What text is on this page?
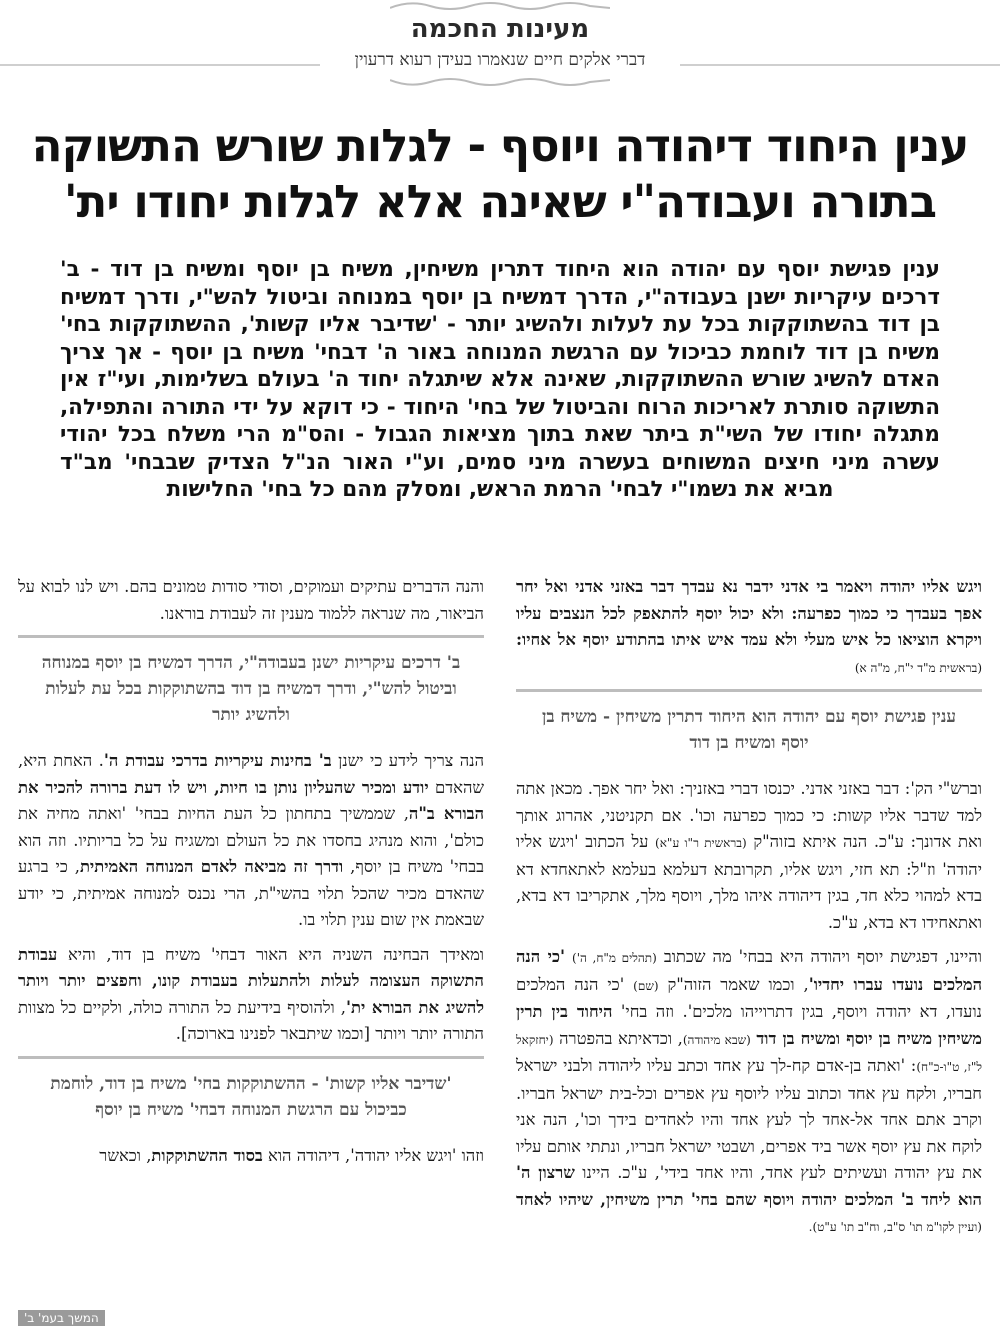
מעינות החכמה
דברי אלקים חיים שנאמרו בעידן רעוא דרעוין
ענין היחוד דיהודה ויוסף - לגלות שורש התשוקה
בתורה ועבודה"י שאינה אלא לגלות יחודו ית'
ענין פגישת יוסף עם יהודה הוא היחוד דתרין משיחין, משיח בן יוסף ומשיח בן דוד - ב' דרכים עיקריות ישנן בעבודה"י, הדרך דמשיח בן יוסף במנוחה וביטול להש"י, ודרך דמשיח בן דוד בהשתוקקות בכל עת לעלות ולהשיג יותר - 'שדיבר אליו קשות', ההשתוקקות בחי' משיח בן דוד לוחמת כביכול עם הרגשת המנוחה באור ה' דבחי' משיח בן יוסף - אך צריך האדם להשיג שורש ההשתוקקות, שאינה אלא שיתגלה יחוד ה' בעולם בשלימות, ועי"ז אין התשוקה סותרת לאריכות הרוח והביטול של בחי' היחוד - כי דוקא על ידי התורה והתפילה, מתגלה יחודו של השי"ת ביתר שאת בתוך מציאות הגבול - והס"מ הרי משלח בכל יהודי עשרה מיני חיצים המשוחים בעשרה מיני סמים, וע"י האור הנ"ל הצדיק שבבחי' מב"ד מביא את נשמו"י לבחי' הרמת הראש, ומסלק מהם כל בחי' החלישות

ויגש אליו יהודה ויאמר בי אדני ידבר נא עבדך דבר באזני אדני ואל יחר אפך בעבדך כי כמוך כפרעה: ולא יכול יוסף להתאפק לכל הנצבים עליו ויקרא הוציאו כל איש מעלי ולא עמד איש איתו בהתודע יוסף אל אחיו: (בראשית מ"ד י"ח, מ"ה א)

ענין פגישת יוסף עם יהודה הוא היחוד דתרין משיחין - משיח בן יוסף ומשיח בן דוד

וברש"י הק': דבר באזני אדני. יכנסו דברי באזניך: ואל יחר אפך. מכאן אתה למד שדבר אליו קשות: כי כמוך כפרעה וכו'. אם תקניטני, אהרוג אותך ואת אדונך: ע"כ. הנה איתא בזוה"ק (בראשית ר"ו ע"א) על הכתוב 'ויגש אליו יהודה' וז"ל: תא חזי, ויגש אליו, תקרובתא דעלמא בעלמא לאתאחדא דא בדא למהוי כלא חד, בגין דיהודה איהו מלך, ויוסף מלך, אתקריבו דא בדא, ואתאחידו דא בדא, ע"כ.

והיינו, דפגישת יוסף ויהודה היא בבחי' מה שכתוב (תהלים מ"ח, ה') 'כי הנה המלכים נועדו עברו יחדיו', וכמו שאמר הזוה"ק (שם) 'כי הנה המלכים נועדו, דא יהודה ויוסף, בגין דתרוייהו מלכים'. וזה בחי' היחוד בין תרין משיחין משיח בן יוסף ומשיח בן דוד (שבא מיהודה), וכדאיתא בהפטרה (יחזקאל ל"ז, ט"ו-כ"ח): 'ואתה בן-אדם קח-לך עץ אחד וכתב עליו ליהודה ולבני ישראל חבריו, ולקח עץ אחד וכתוב עליו ליוסף עץ אפרים וכל-בית ישראל חבריו. וקרב אתם אחד אל-אחד לך לעץ אחד והיו לאחדים בידך וכו', הנה אני לוקח את עץ יוסף אשר ביד אפרים, ושבטי ישראל חבריו, ונתתי אותם עליו את עץ יהודה ועשיתים לעץ אחד, והיו אחד בידי', ע"כ. היינו שרצון ה' הוא ליחד ב' המלכים יהודה ויוסף שהם בחי' תרין משיחין, שיהיו לאחד (ועיין לקו"מ תו' ס"ב, וח"ב תו' ע"ט).

והנה הדברים עתיקים ועמוקים, וסודי סודות טמונים בהם. ויש לנו לבוא על הביאור, מה שנראה ללמוד מענין זה לעבודת בוראנו.

ב' דרכים עיקריות ישנן בעבודה"י, הדרך דמשיח בן יוסף במנוחה וביטול להש"י, ודרך דמשיח בן דוד בהשתוקקות בכל עת לעלות ולהשיג יותר

הנה צריך לידע כי ישנן ב' בחינות עיקריות בדרכי עבודת ה'. האחת היא, שהאדם יודע ומכיר שהעליון נותן בו חיות, ויש לו דעת ברורה להכיר את הבורא ב"ה, שממשיך בתחתון כל העת החיות בבחי' 'ואתה מחיה את כולם', והוא מנהיג בחסדו את כל העולם ומשגיח על כל בריותיו. וזה הוא בבחי' משיח בן יוסף, ודרך זה מביאה לאדם המנוחה האמיתית, כי ברגע שהאדם מכיר שהכל תלוי בהשי"ת, הרי נכנס למנוחה אמיתית, כי יודע שבאמת אין שום ענין תלוי בו.

ומאידך הבחינה השניה היא האור דבחי' משיח בן דוד, והיא עבודת התשוקה העצומה לעלות ולהתעלות בעבודת קונו, וחפצים יותר ויותר להשיג את הבורא ית', ולהוסיף בידיעת כל התורה כולה, ולקיים כל מצוות התורה יותר ויותר [וכמו שיתבאר לפנינו בארוכה].

'שדיבר אליו קשות' - ההשתוקקות בחי' משיח בן דוד, לוחמת כביכול עם הרגשת המנוחה דבחי' משיח בן יוסף

וזהו 'ויגש אליו יהודה', דיהודה הוא בסוד ההשתוקקות, וכאשר

המשך בעמ' ב'
